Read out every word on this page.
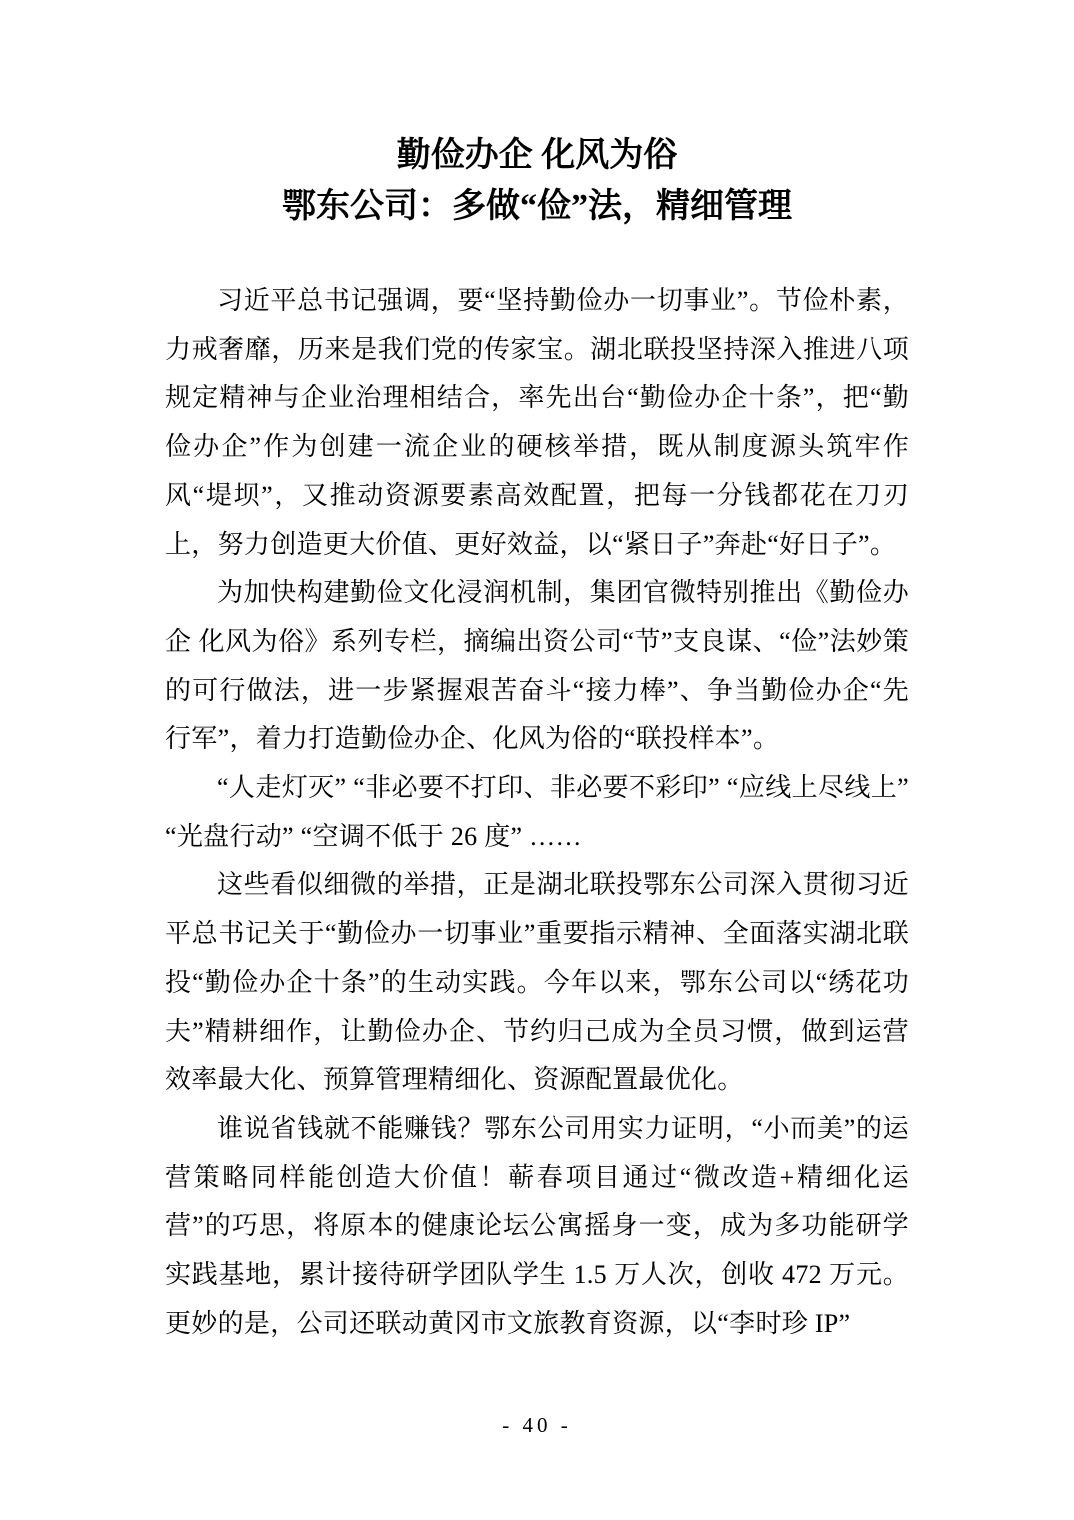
勤俭办企 化风为俗
鄂东公司：多做“俭”法，精细管理

习近平总书记强调，要“坚持勤俭办一切事业”。节俭朴素，力戒奢靡，历来是我们党的传家宝。湖北联投坚持深入推进八项规定精神与企业治理相结合，率先出台“勤俭办企十条”，把“勤俭办企”作为创建一流企业的硬核举措，既从制度源头筑牢作风“堤坝”，又推动资源要素高效配置，把每一分钱都花在刀刃上，努力创造更大价值、更好效益，以“紧日子”奔赴“好日子”。

为加快构建勤俭文化浸润机制，集团官微特别推出《勤俭办企 化风为俗》系列专栏，摘编出资公司“节”支良谋、“俭”法妙策的可行做法，进一步紧握艰苦奋斗“接力棒”、争当勤俭办企“先行军”，着力打造勤俭办企、化风为俗的“联投样本”。

“人走灯灭” “非必要不打印、非必要不彩印” “应线上尽线上” “光盘行动” “空调不低于 26 度” ……

这些看似细微的举措，正是湖北联投鄂东公司深入贯彻习近平总书记关于“勤俭办一切事业”重要指示精神、全面落实湖北联投“勤俭办企十条”的生动实践。今年以来，鄂东公司以“绣花功夫”精耕细作，让勤俭办企、节约归己成为全员习惯，做到运营效率最大化、预算管理精细化、资源配置最优化。

谁说省钱就不能赚钱？鄂东公司用实力证明，“小而美”的运营策略同样能创造大价值！蕲春项目通过“微改造+精细化运营”的巧思，将原本的健康论坛公寓摇身一变，成为多功能研学实践基地，累计接待研学团队学生 1.5 万人次，创收 472 万元。更妙的是，公司还联动黄冈市文旅教育资源，以“李时珍 IP”

- 40 -
